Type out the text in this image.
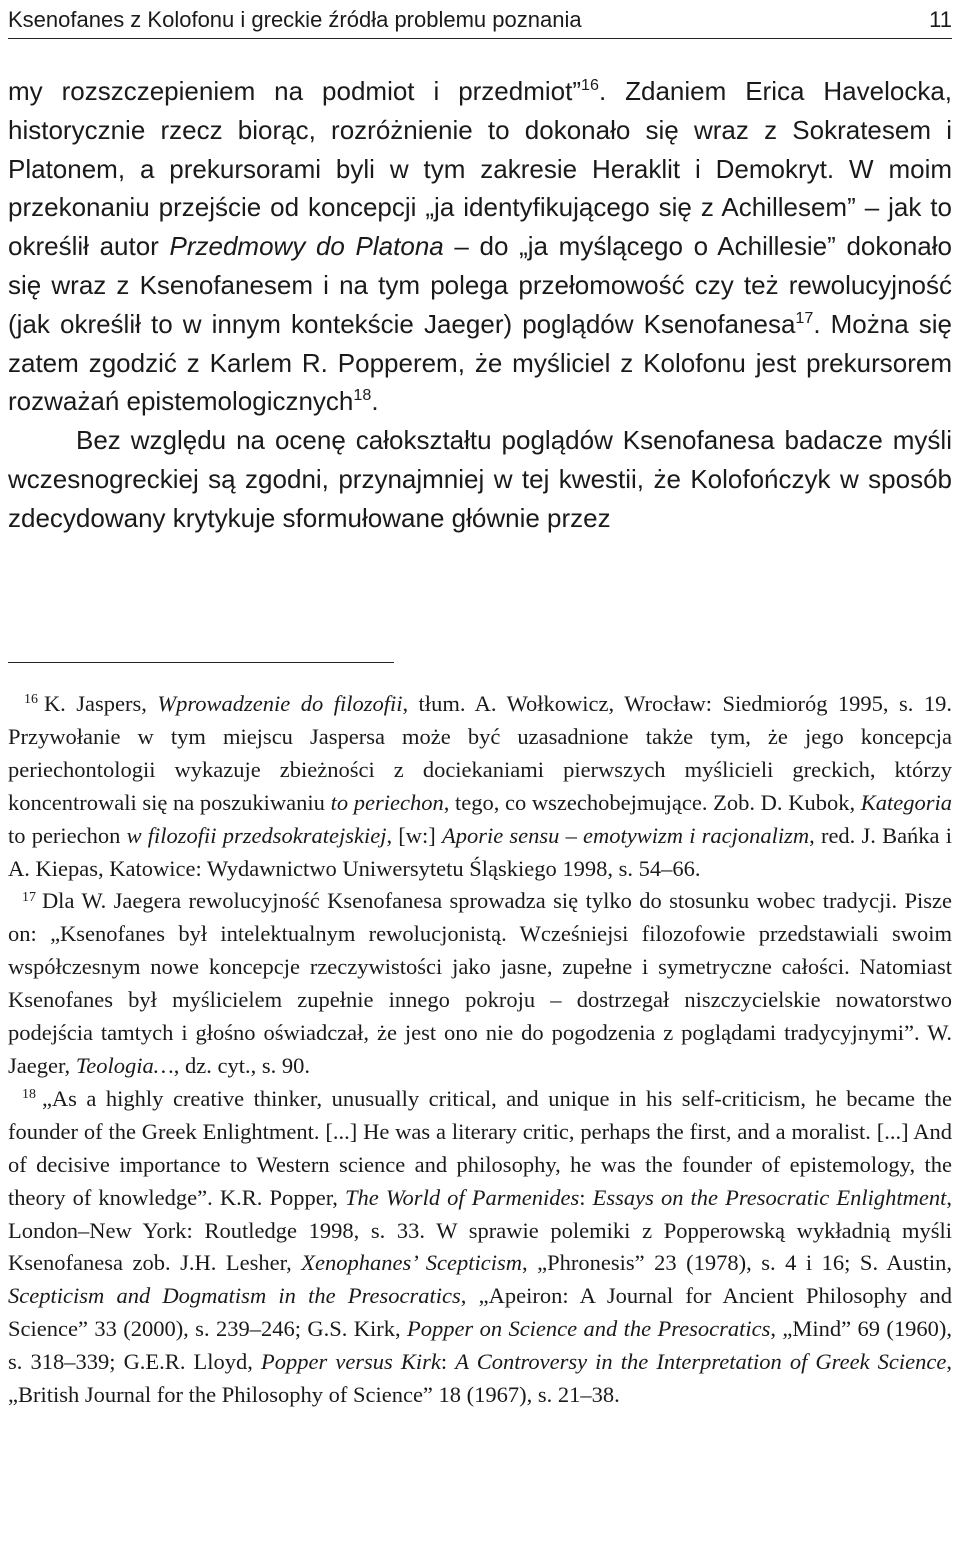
Ksenofanes z Kolofonu i greckie źródła problemu poznania	11

my rozszczepieniem na podmiot i przedmiot”$^{16}$. Zdaniem Erica Havelocka, historycznie rzecz biorąc, rozróżnienie to dokonało się wraz z Sokratesem i Platonem, a prekursorami byli w tym zakresie Heraklit i Demokryt. W moim przekonaniu przejście od koncepcji „ja identyfikującego się z Achillesem” – jak to określił autor Przedmowy do Platona – do „ja myślącego o Achillesie” dokonało się wraz z Ksenofanesem i na tym polega przełomowość czy też rewolucyjność (jak określił to w innym kontekście Jaeger) poglądów Ksenofanesa$^{17}$. Można się zatem zgodzić z Karlem R. Popperem, że myśliciel z Kolofonu jest prekursorem rozważań epistemologicznych$^{18}$.

Bez względu na ocenę całokształtu poglądów Ksenofanesa badacze myśli wczesnogreckiej są zgodni, przynajmniej w tej kwestii, że Kolofończyk w sposób zdecydowany krytykuje sformułowane głównie przez

$^{16}$ K. Jaspers, Wprowadzenie do filozofii, tłum. A. Wołkowicz, Wrocław: Siedmioróg 1995, s. 19. Przywołanie w tym miejscu Jaspersa może być uzasadnione także tym, że jego koncepcja periechontologii wykazuje zbieżności z dociekaniami pierwszych myślicieli greckich, którzy koncentrowali się na poszukiwaniu to periechon, tego, co wszechobejmujące. Zob. D. Kubok, Kategoria to periechon w filozofii przedsokratejskiej, [w:] Aporie sensu – emotywizm i racjonalizm, red. J. Bańka i A. Kiepas, Katowice: Wydawnictwo Uniwersytetu Śląskiego 1998, s. 54–66.

$^{17}$ Dla W. Jaegera rewolucyjność Ksenofanesa sprowadza się tylko do stosunku wobec tradycji. Pisze on: „Ksenofanes był intelektualnym rewolucjonistą. Wcześniejsi filozofowie przedstawiali swoim współczesnym nowe koncepcje rzeczywistości jako jasne, zupełne i symetryczne całości. Natomiast Ksenofanes był myślicielem zupełnie innego pokroju – dostrzegał niszczycielskie nowatorstwo podejścia tamtych i głośno oświadczał, że jest ono nie do pogodzenia z poglądami tradycyjnymi”. W. Jaeger, Teologia…, dz. cyt., s. 90.

$^{18}$ „As a highly creative thinker, unusually critical, and unique in his self-criticism, he became the founder of the Greek Enlightment. [...] He was a literary critic, perhaps the first, and a moralist. [...] And of decisive importance to Western science and philosophy, he was the founder of epistemology, the theory of knowledge”. K.R. Popper, The World of Parmenides: Essays on the Presocratic Enlightment, London–New York: Routledge 1998, s. 33. W sprawie polemiki z Popperowską wykładnią myśli Ksenofanesa zob. J.H. Lesher, Xenophanes’ Scepticism, „Phronesis” 23 (1978), s. 4 i 16; S. Austin, Scepticism and Dogmatism in the Presocratics, „Apeiron: A Journal for Ancient Philosophy and Science” 33 (2000), s. 239–246; G.S. Kirk, Popper on Science and the Presocratics, „Mind” 69 (1960), s. 318–339; G.E.R. Lloyd, Popper versus Kirk: A Controversy in the Interpretation of Greek Science, „British Journal for the Philosophy of Science” 18 (1967), s. 21–38.
